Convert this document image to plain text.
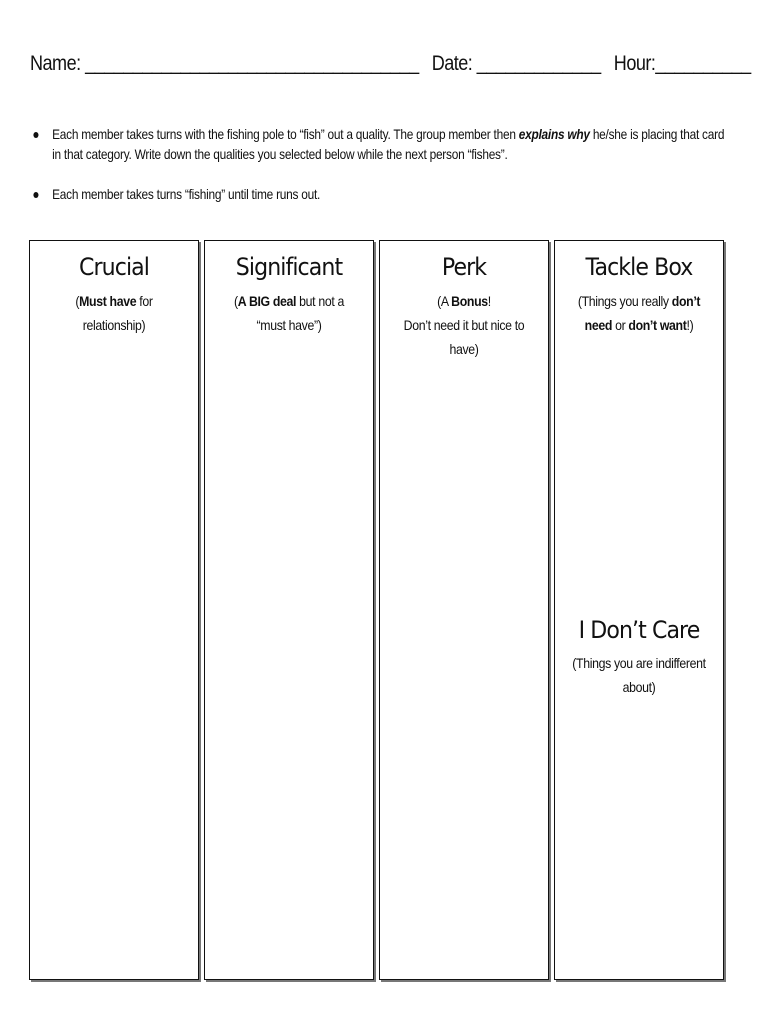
Name: ___________________________________ Date: _____________ Hour:__________
Each member takes turns with the fishing pole to “fish” out a quality. The group member then explains why he/she is placing that card in that category. Write down the qualities you selected below while the next person “fishes”.
Each member takes turns “fishing” until time runs out.
Crucial
(Must have for relationship)
Significant
(A BIG deal but not a “must have”)
Perk
(A Bonus!
Don’t need it but nice to have)
Tackle Box
(Things you really don’t need or don’t want!)
I Don’t Care
(Things you are indifferent about)
